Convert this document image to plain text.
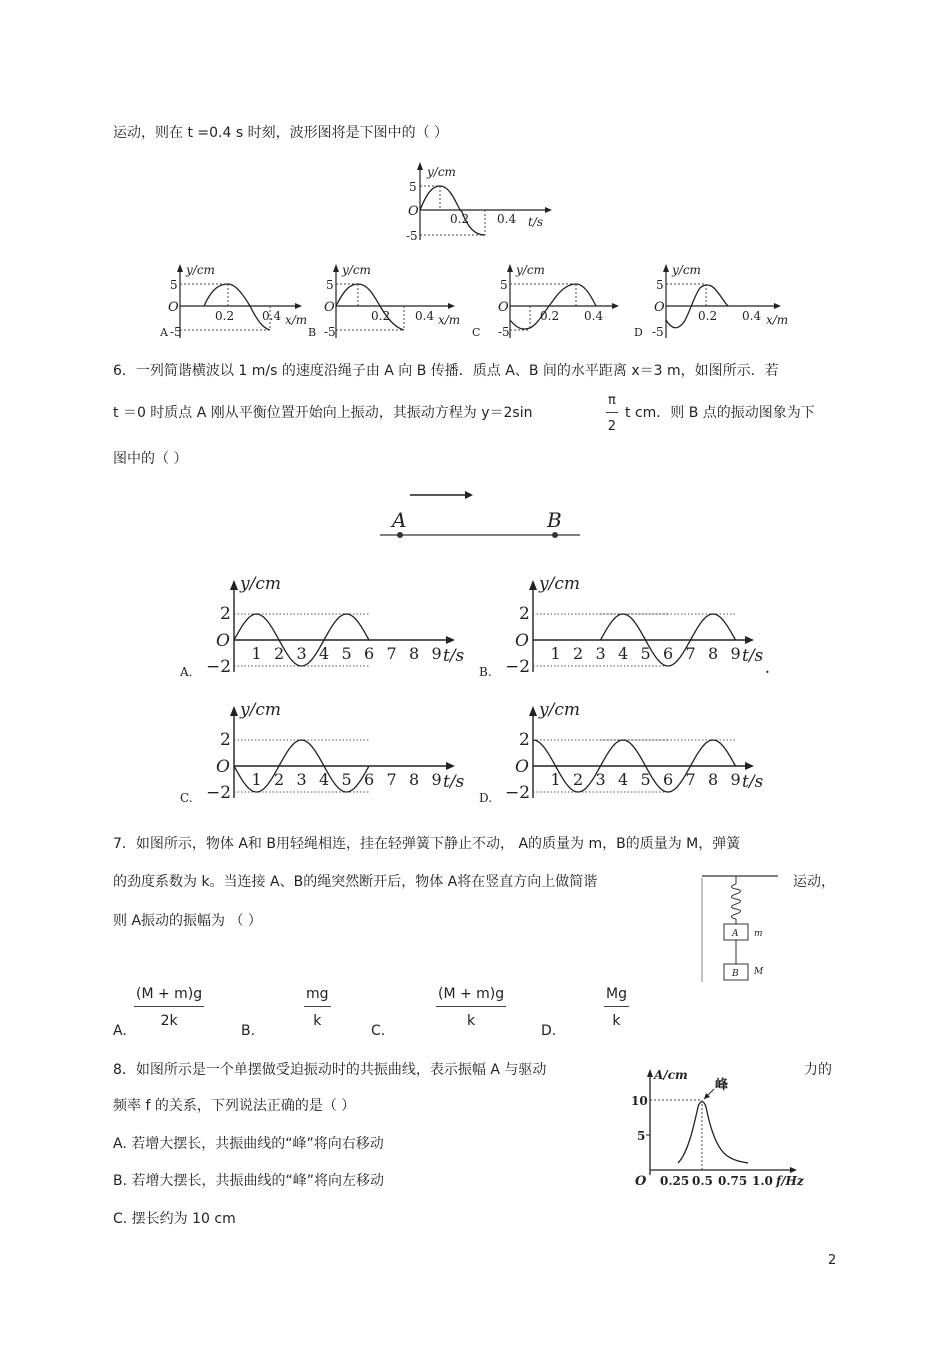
运动，则在 t =0.4 s 时刻，波形图将是下图中的（ ）
y/cm
5
-5
O	0.2 0.4 t/s
y/cm
5
O
0.2 0.4 x/m
A -5
y/cm
5
O
0.2 0.4 x/m
B -5
y/cm
5
O
0.2 0.4
C -5
y/cm
5
O
0.2 0.4 x/m
D -5
6．一列简谐横波以 1 m/s 的速度沿绳子由 A 向 B 传播．质点 A、B 间的水平距离 x＝3 m，如图所示．若
t ＝0 时质点 A 刚从平衡位置开始向上振动，其振动方程为 y＝2sin	$\frac{\pi}{2}$ t cm．则 B 点的振动图象为下
图中的（ ）
A	B
y/cm
2
O
−2
1 2 3 4 5 6 7 8 9 t/s
A.
y/cm
2
O
−2
1 2 3 4 5 6 7 8 9 t/s
B.
y/cm
2
O
−2
1 2 3 4 5 6 7 8 9 t/s
C.
y/cm
2
O
−2
1 2 3 4 5 6 7 8 9 t/s
D.
•
7．如图所示，物体 A和 B用轻绳相连，挂在轻弹簧下静止不动， A的质量为 m，B的质量为 M，弹簧
的劲度系数为 k。当连接 A、B的绳突然断开后，物体 A将在竖直方向上做简谐	运动，
则 A振动的振幅为 （ ）
A m
B M
A.
$\frac{(M + m)g}{2k}$
B.
$\frac{mg}{k}$
C.
$\frac{(M + m)g}{k}$
D.
$\frac{Mg}{k}$
8．如图所示是一个单摆做受迫振动时的共振曲线，表示振幅 A 与驱动	力的
频率 f 的关系，下列说法正确的是（ ）
A. 若增大摆长，共振曲线的“峰”将向右移动
B. 若增大摆长，共振曲线的“峰”将向左移动
C. 摆长约为 10 cm
A/cm
峰
10
5
O 0.25 0.5 0.75 1.0 f/Hz
2
